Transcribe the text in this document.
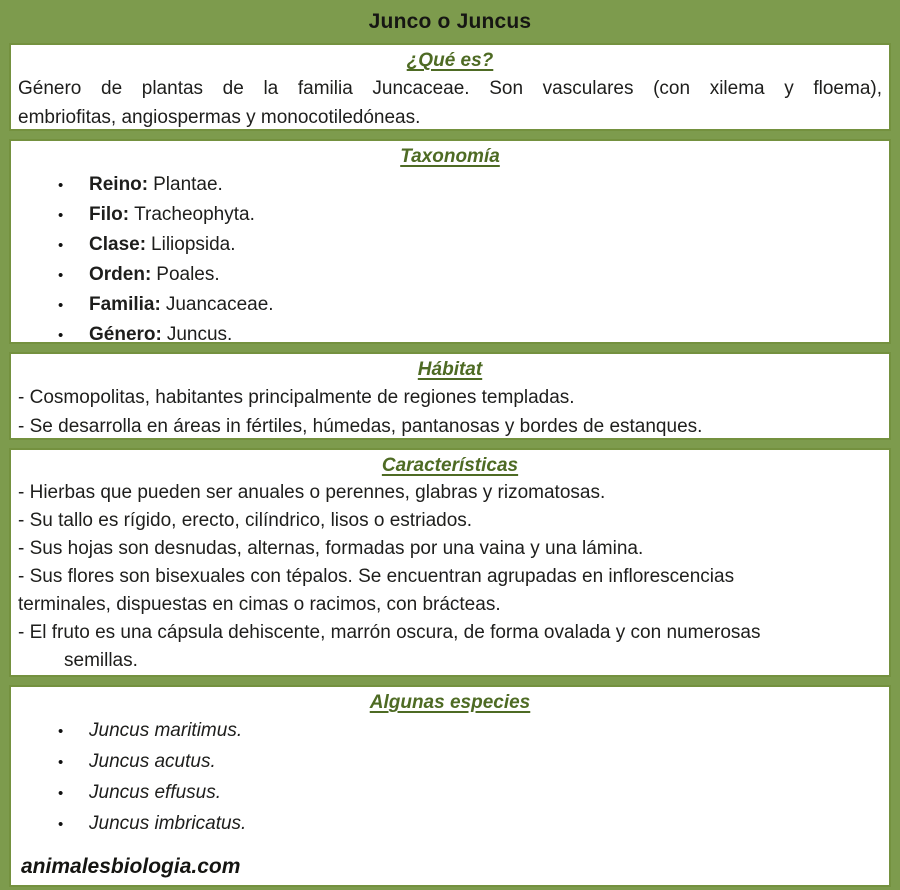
Junco o Juncus
¿Qué es?

Género de plantas de la familia Juncaceae. Son vasculares (con xilema y floema),

embriofitas, angiospermas y monocotiledóneas.

Taxonomía
•	Reino: Plantae.
•	Filo: Tracheophyta.
•	Clase: Liliopsida.
•	Orden: Poales.
•	Familia: Juancaceae.
•	Género: Juncus.
Hábitat

- Cosmopolitas, habitantes principalmente de regiones templadas.

- Se desarrolla en áreas in fértiles, húmedas, pantanosas y bordes de estanques.

Características

- Hierbas que pueden ser anuales o perennes, glabras y rizomatosas.

- Su tallo es rígido, erecto, cilíndrico, lisos o estriados.

- Sus hojas son desnudas, alternas, formadas por una vaina y una lámina.

- Sus flores son bisexuales con tépalos. Se encuentran agrupadas en inflorescencias

terminales, dispuestas en cimas o racimos, con brácteas.

- El fruto es una cápsula dehiscente, marrón oscura, de forma ovalada y con numerosas

semillas.

Algunas especies
•	Juncus maritimus.
•	Juncus acutus.
•	Juncus effusus.
•	Juncus imbricatus.
animalesbiologia.com
